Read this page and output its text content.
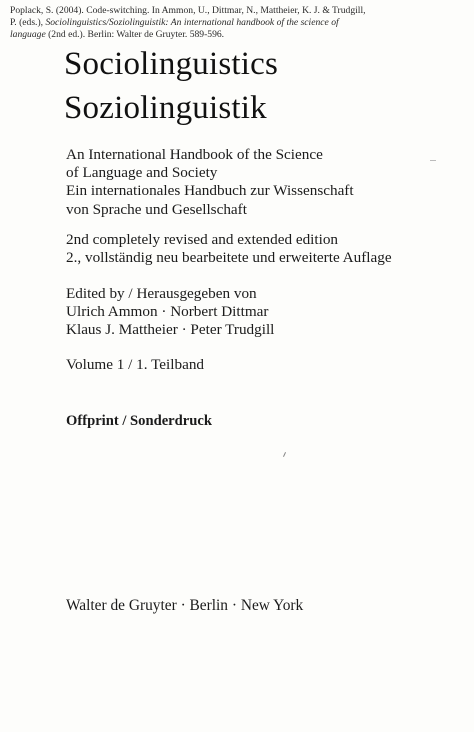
Poplack, S. (2004). Code-switching. In Ammon, U., Dittmar, N., Mattheier, K. J. & Trudgill,
P. (eds.), Sociolinguistics/Soziolinguistik: An international handbook of the science of
language (2nd ed.). Berlin: Walter de Gruyter. 589-596.
Sociolinguistics
Soziolinguistik
An International Handbook of the Science
of Language and Society
Ein internationales Handbuch zur Wissenschaft
von Sprache und Gesellschaft
2nd completely revised and extended edition
2., vollständig neu bearbeitete und erweiterte Auflage
Edited by / Herausgegeben von
Ulrich Ammon · Norbert Dittmar
Klaus J. Mattheier · Peter Trudgill
Volume 1 / 1. Teilband
Offprint / Sonderdruck
Walter de Gruyter · Berlin · New York
